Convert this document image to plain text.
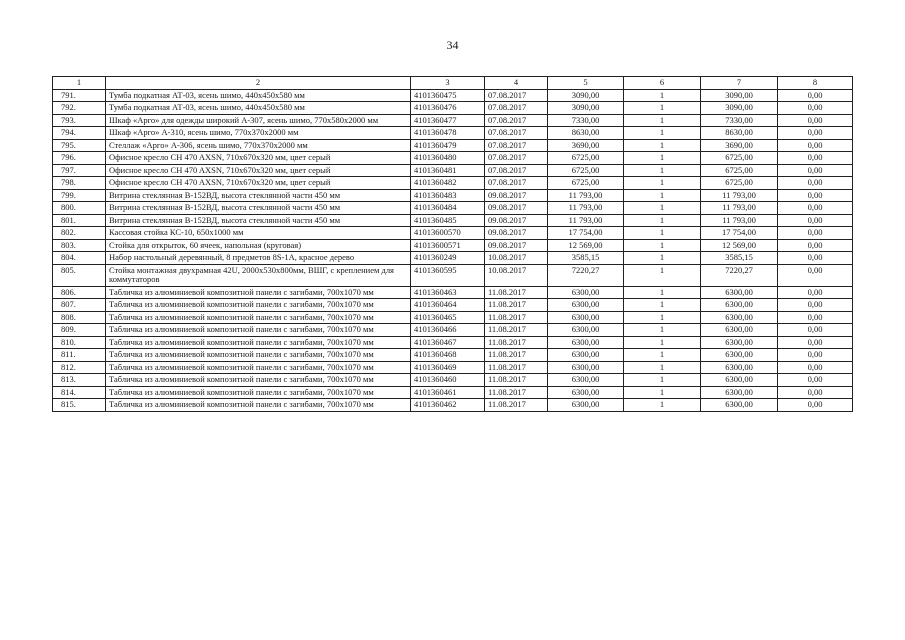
34
1	2	3	4	5	6	7	8
791.	Тумба подкатная АТ-03, ясень шимо, 440х450х580 мм	4101360475	07.08.2017	3090,00	1	3090,00	0,00
792.	Тумба подкатная АТ-03, ясень шимо, 440х450х580 мм	4101360476	07.08.2017	3090,00	1	3090,00	0,00
793.	Шкаф «Арго» для одежды широкий А-307, ясень шимо, 770х580х2000 мм	4101360477	07.08.2017	7330,00	1	7330,00	0,00
794.	Шкаф «Арго» А-310, ясень шимо, 770х370х2000 мм	4101360478	07.08.2017	8630,00	1	8630,00	0,00
795.	Стеллаж «Арго» А-306, ясень шимо, 770х370х2000 мм	4101360479	07.08.2017	3690,00	1	3690,00	0,00
796.	Офисное кресло CH 470 AXSN, 710х670х320 мм, цвет серый	4101360480	07.08.2017	6725,00	1	6725,00	0,00
797.	Офисное кресло CH 470 AXSN, 710х670х320 мм, цвет серый	4101360481	07.08.2017	6725,00	1	6725,00	0,00
798.	Офисное кресло CH 470 AXSN, 710х670х320 мм, цвет серый	4101360482	07.08.2017	6725,00	1	6725,00	0,00
799.	Витрина стеклянная В-152ВД, высота стеклянной части 450 мм	4101360483	09.08.2017	11 793,00	1	11 793,00	0,00
800.	Витрина стеклянная В-152ВД, высота стеклянной части 450 мм	4101360484	09.08.2017	11 793,00	1	11 793,00	0,00
801.	Витрина стеклянная В-152ВД, высота стеклянной части 450 мм	4101360485	09.08.2017	11 793,00	1	11 793,00	0,00
802.	Кассовая стойка КС-10, 650х1000 мм	41013600570	09.08.2017	17 754,00	1	17 754,00	0,00
803.	Стойка для открыток, 60 ячеек, напольная (круговая)	41013600571	09.08.2017	12 569,00	1	12 569,00	0,00
804.	Набор настольный деревянный, 8 предметов 8S-1A, красное дерево	4101360249	10.08.2017	3585,15	1	3585,15	0,00
805.	Стойка монтажная двухрамная 42U, 2000х530х800мм, ВШГ, с креплением для коммутаторов	4101360595	10.08.2017	7220,27	1	7220,27	0,00
806.	Табличка из алюминиевой композитной панели с загибами, 700х1070 мм	4101360463	11.08.2017	6300,00	1	6300,00	0,00
807.	Табличка из алюминиевой композитной панели с загибами, 700х1070 мм	4101360464	11.08.2017	6300,00	1	6300,00	0,00
808.	Табличка из алюминиевой композитной панели с загибами, 700х1070 мм	4101360465	11.08.2017	6300,00	1	6300,00	0,00
809.	Табличка из алюминиевой композитной панели с загибами, 700х1070 мм	4101360466	11.08.2017	6300,00	1	6300,00	0,00
810.	Табличка из алюминиевой композитной панели с загибами, 700х1070 мм	4101360467	11.08.2017	6300,00	1	6300,00	0,00
811.	Табличка из алюминиевой композитной панели с загибами, 700х1070 мм	4101360468	11.08.2017	6300,00	1	6300,00	0,00
812.	Табличка из алюминиевой композитной панели с загибами, 700х1070 мм	4101360469	11.08.2017	6300,00	1	6300,00	0,00
813.	Табличка из алюминиевой композитной панели с загибами, 700х1070 мм	4101360460	11.08.2017	6300,00	1	6300,00	0,00
814.	Табличка из алюминиевой композитной панели с загибами, 700х1070 мм	4101360461	11.08.2017	6300,00	1	6300,00	0,00
815.	Табличка из алюминиевой композитной панели с загибами, 700х1070 мм	4101360462	11.08.2017	6300,00	1	6300,00	0,00
